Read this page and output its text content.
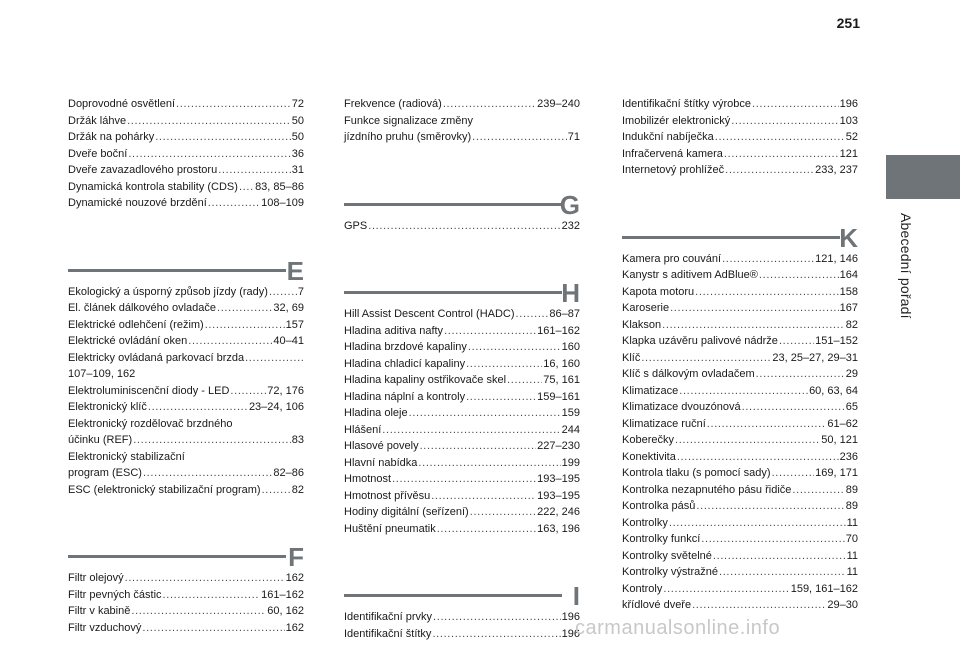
251
Abecední pořadí
Doprovodné osvětlení . . .	72
Držák láhve . . .	50
Držák na pohárky . . .	50
Dveře boční . . .	36
Dveře zavazadlového prostoru . . .	31
Dynamická kontrola stability (CDS) . . . 83, 85–86
Dynamické nouzové brzdění . . .	108–109
E
Ekologický a úsporný způsob jízdy (rady) . . .	7
El. článek dálkového ovladače . . .	32, 69
Elektrické odlehčení (režim) . . .	157
Elektrické ovládání oken . . .	40–41
Elektricky ovládaná parkovací brzda
. . .
107–109, 162
Elektroluminiscenční diody - LED . . .	72, 176
Elektronický klíč . . .	23–24, 106
Elektronický rozdělovač brzdného
účinku (REF) . . .	83
Elektronický stabilizační
program (ESC) . . .	82–86
ESC (elektronický stabilizační program) . . .	82
F
Filtr olejový . . .	162
Filtr pevných částic . . .	161–162
Filtr v kabině . . .	60, 162
Filtr vzduchový . . .	162
Frekvence (radiová) . . .	239–240
Funkce signalizace změny
jízdního pruhu (směrovky) . . .	71
G
GPS . . .	232
H
Hill Assist Descent Control (HADC) . . .	86–87
Hladina aditiva nafty . . .	161–162
Hladina brzdové kapaliny . . .	160
Hladina chladicí kapaliny . . .	16, 160
Hladina kapaliny ostřikovače skel . . .	75, 161
Hladina náplní a kontroly . . .	159–161
Hladina oleje . . .	159
Hlášení . . .	244
Hlasové povely . . .	227–230
Hlavní nabídka . . .	199
Hmotnost . . .	193–195
Hmotnost přívěsu . . .	193–195
Hodiny digitální (seřízení) . . .	222, 246
Huštění pneumatik . . .	163, 196
I
Identifikační prvky . . .	196
Identifikační štítky . . .	196
Identifikační štítky výrobce . . .	196
Imobilizér elektronický . . .	103
Indukční nabíječka . . .	52
Infračervená kamera . . .	121
Internetový prohlížeč . . .	233, 237
K
Kamera pro couvání . . .	121, 146
Kanystr s aditivem AdBlue® . . .	164
Kapota motoru . . .	158
Karoserie . . .	167
Klakson . . .	82
Klapka uzávěru palivové nádrže . . .	151–152
Klíč . . .	23, 25–27, 29–31
Klíč s dálkovým ovladačem . . .	29
Klimatizace . . .	60, 63, 64
Klimatizace dvouzónová . . .	65
Klimatizace ruční . . .	61–62
Koberečky . . .	50, 121
Konektivita . . .	236
Kontrola tlaku (s pomocí sady) . . .	169, 171
Kontrolka nezapnutého pásu řidiče . . .	89
Kontrolka pásů . . .	89
Kontrolky . . .	11
Kontrolky funkcí . . .	70
Kontrolky světelné . . .	11
Kontrolky výstražné . . .	11
Kontroly . . .	159, 161–162
křídlové dveře . . .	29–30
carmanualsonline.info
